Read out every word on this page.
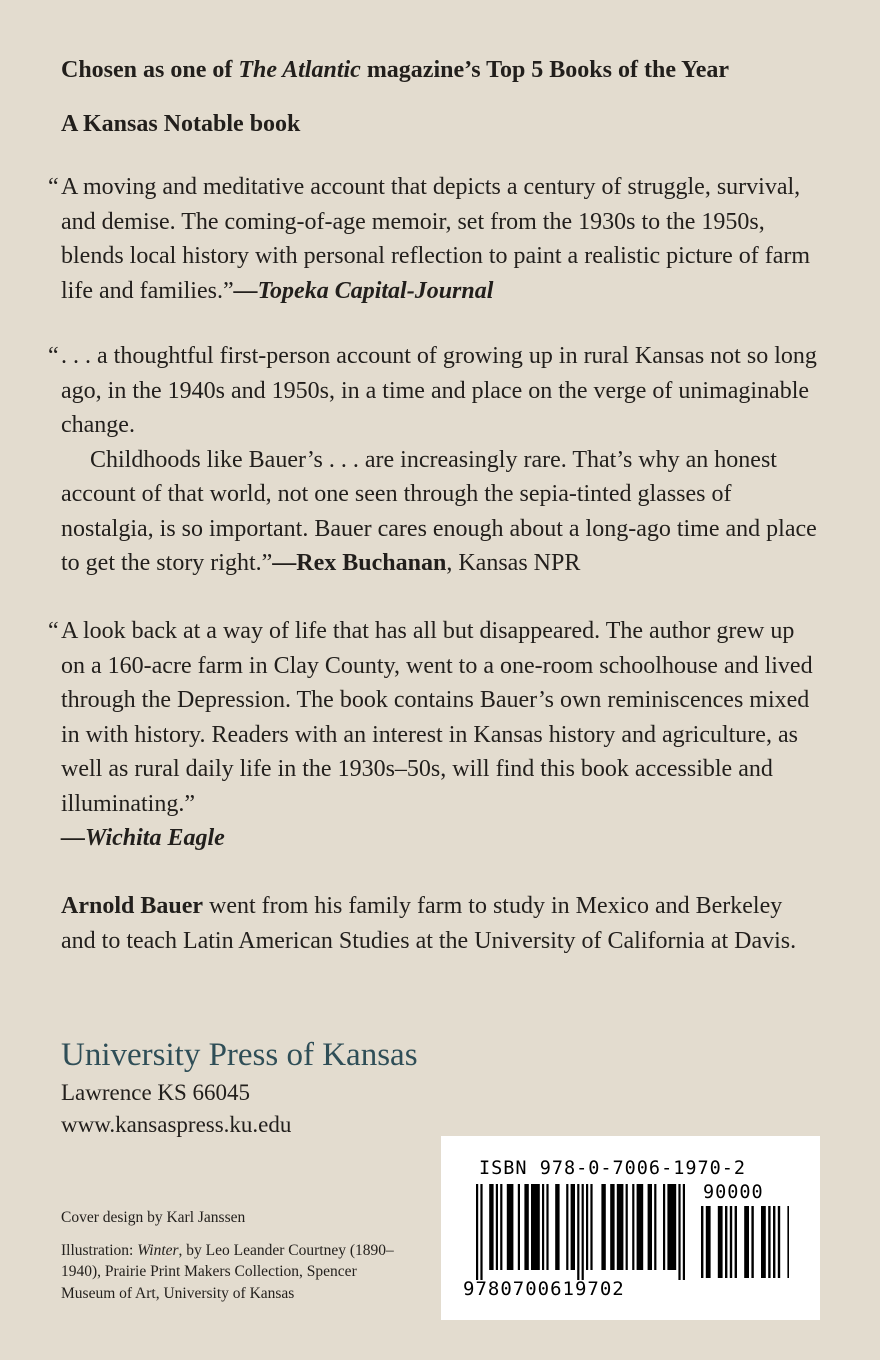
Chosen as one of The Atlantic magazine’s Top 5 Books of the Year
A Kansas Notable book

“ A moving and meditative account that depicts a century of struggle, survival, and demise. The coming-of-age memoir, set from the 1930s to the 1950s, blends local history with personal reflection to paint a realistic picture of farm life and families.”—Topeka Capital-Journal

“ . . . a thoughtful first-person account of growing up in rural Kansas not so long ago, in the 1940s and 1950s, in a time and place on the verge of unimaginable change.

Childhoods like Bauer’s . . . are increasingly rare. That’s why an honest account of that world, not one seen through the sepia-tinted glasses of nostalgia, is so important. Bauer cares enough about a long-ago time and place to get the story right.”—Rex Buchanan, Kansas NPR

“ A look back at a way of life that has all but disappeared. The author grew up on a 160-acre farm in Clay County, went to a one-room schoolhouse and lived through the Depression. The book contains Bauer’s own reminiscences mixed in with history. Readers with an interest in Kansas history and agriculture, as well as rural daily life in the 1930s–50s, will find this book accessible and illuminating.”
—Wichita Eagle

Arnold Bauer went from his family farm to study in Mexico and Berkeley and to teach Latin American Studies at the University of California at Davis.
University Press of Kansas
Lawrence KS 66045
www.kansaspress.ku.edu

Cover design by Karl Janssen

Illustration: Winter, by Leo Leander Courtney (1890–1940), Prairie Print Makers Collection, Spencer Museum of Art, University of Kansas

ISBN 978-0-7006-1970-2
90000
9780700619702
